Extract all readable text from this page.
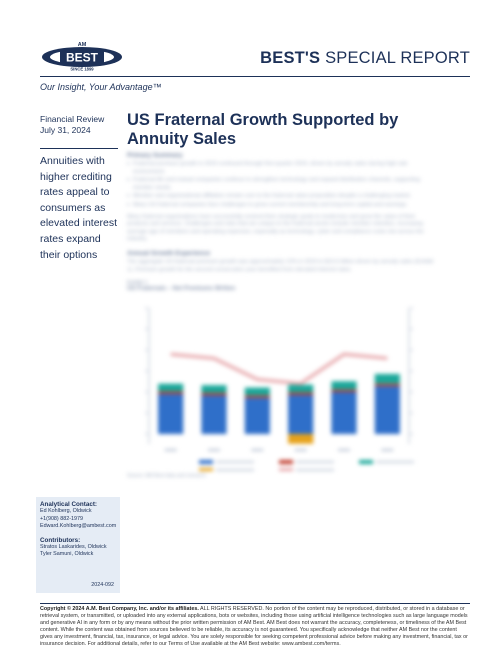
AM
BEST
SINCE 1899
BEST'S SPECIAL REPORT
Our Insight, Your Advantage™
Financial Review
July 31, 2024
Annuities with higher crediting rates appeal to consumers as elevated interest rates expand their options
Analytical Contact:
Ed Kohlberg, Oldwick
+1(908) 882-1979
Edward.Kohlberg@ambest.com
Contributors:
Stratos Laskarides, Oldwick
Tyler Samuni, Oldwick
2024-092
US Fraternal Growth Supported by Annuity Sales
Primary Summary
• Fraternal premium growth in 2023 continued through first quarter 2024, driven by annuity sales during high rate environment.
• Fraternal life and mutual companies continue to strengthen technology and expand distribution channels, supporting member needs.
• Member and organizational affiliation remain core to the fraternal value proposition despite a challenging market.
• Many US fraternal companies face challenges to grow current membership and long-term capital and earnings.
Many fraternal organizations have successfully evolved their strategic goals to modernize and grow the value of their products and services. Challenges and risks that are unique to the fraternal sector include member retention, increasing average age of members and operating expenses, especially as technology, cyber and compliance costs rise across the industry.
Annual Growth Experience
The aggregate US fraternal premium growth was approximately 12% in 2023 to $15.6 billion driven by annuity sales (Exhibit 1). Premium growth for the second consecutive year benefited from elevated interest rates.
Exhibit 1
US Fraternals – Net Premiums Written
Source: AM Best data and research
Copyright © 2024 A.M. Best Company, Inc. and/or its affiliates. ALL RIGHTS RESERVED. No portion of the content may be reproduced, distributed, or stored in a database or retrieval system, or transmitted, or uploaded into any external applications, bots or websites, including those using artificial intelligence technologies such as large language models and generative AI in any form or by any means without the prior written permission of AM Best. AM Best does not warrant the accuracy, completeness, or timeliness of the AM Best content. While the content was obtained from sources believed to be reliable, its accuracy is not guaranteed. You specifically acknowledge that neither AM Best nor the content gives any investment, financial, tax, insurance, or legal advice. You are solely responsible for seeking competent professional advice before making any investment, financial, tax or insurance decision. For additional details, refer to our Terms of Use available at the AM Best website: www.ambest.com/terms.
